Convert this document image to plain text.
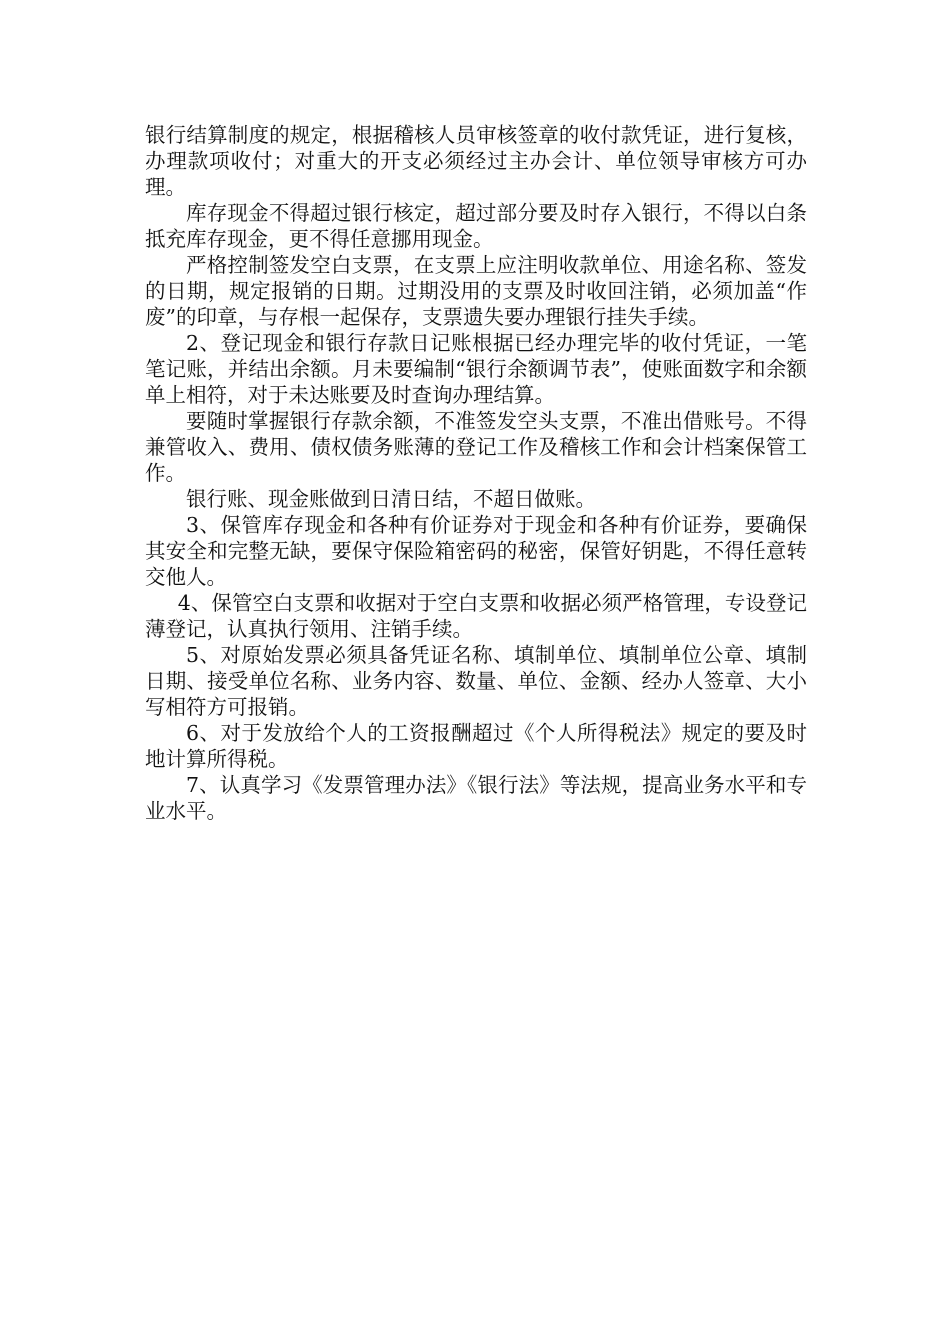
银行结算制度的规定，根据稽核人员审核签章的收付款凭证，进行复核，办理款项收付；对重大的开支必须经过主办会计、单位领导审核方可办理。

库存现金不得超过银行核定，超过部分要及时存入银行，不得以白条抵充库存现金，更不得任意挪用现金。

严格控制签发空白支票，在支票上应注明收款单位、用途名称、签发的日期，规定报销的日期。过期没用的支票及时收回注销，必须加盖“作废”的印章，与存根一起保存，支票遗失要办理银行挂失手续。

2、登记现金和银行存款日记账根据已经办理完毕的收付凭证，一笔笔记账，并结出余额。月未要编制“银行余额调节表”，使账面数字和余额单上相符，对于未达账要及时查询办理结算。

要随时掌握银行存款余额，不准签发空头支票，不准出借账号。不得兼管收入、费用、债权债务账薄的登记工作及稽核工作和会计档案保管工作。

银行账、现金账做到日清日结，不超日做账。

3、保管库存现金和各种有价证券对于现金和各种有价证券，要确保其安全和完整无缺，要保守保险箱密码的秘密，保管好钥匙，不得任意转交他人。

4、保管空白支票和收据对于空白支票和收据必须严格管理，专设登记薄登记，认真执行领用、注销手续。

5、对原始发票必须具备凭证名称、填制单位、填制单位公章、填制日期、接受单位名称、业务内容、数量、单位、金额、经办人签章、大小写相符方可报销。

6、对于发放给个人的工资报酬超过《个人所得税法》规定的要及时地计算所得税。

7、认真学习《发票管理办法》《银行法》等法规，提高业务水平和专业水平。
